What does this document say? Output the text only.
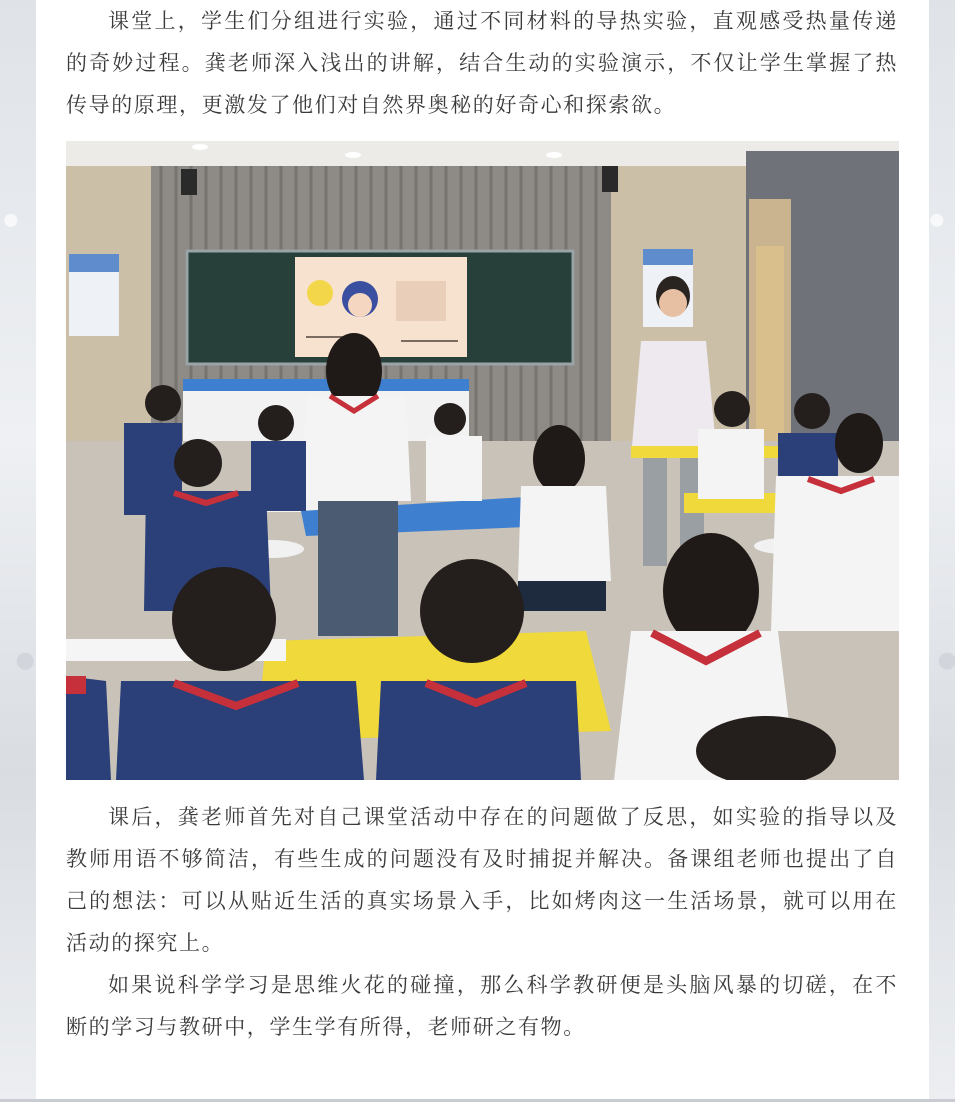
课堂上，学生们分组进行实验，通过不同材料的导热实验，直观感受热量传递的奇妙过程。龚老师深入浅出的讲解，结合生动的实验演示，不仅让学生掌握了热传导的原理，更激发了他们对自然界奥秘的好奇心和探索欲。

课后，龚老师首先对自己课堂活动中存在的问题做了反思，如实验的指导以及教师用语不够简洁，有些生成的问题没有及时捕捉并解决。备课组老师也提出了自己的想法：可以从贴近生活的真实场景入手，比如烤肉这一生活场景，就可以用在活动的探究上。

如果说科学学习是思维火花的碰撞，那么科学教研便是头脑风暴的切磋，在不断的学习与教研中，学生学有所得，老师研之有物。
